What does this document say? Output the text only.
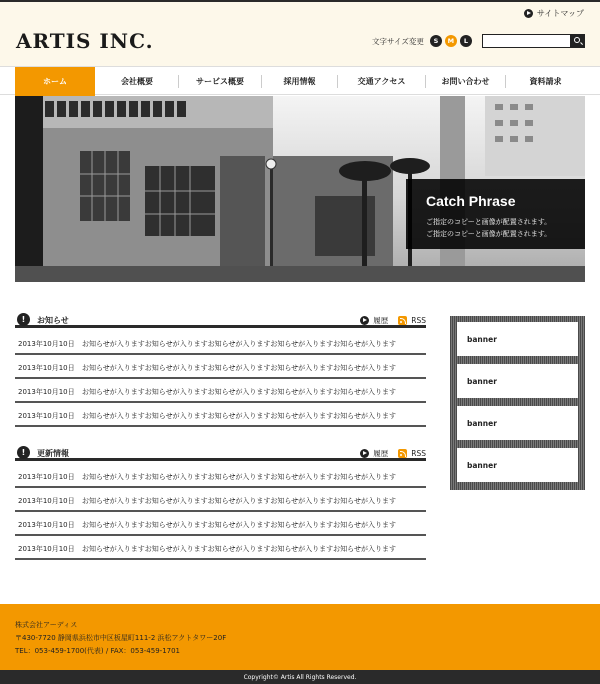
サイトマップ
ARTIS INC.	文字サイズ変更	S	M	L
ホーム	会社概要	サービス概要	採用情報	交通アクセス	お問い合わせ	資料請求
Catch Phrase
ご指定のコピーと画像が配置されます。
ご指定のコピーと画像が配置されます。
!	お知らせ	履歴	RSS
2013年10月10日 お知らせが入りますお知らせが入りますお知らせが入りますお知らせが入りますお知らせが入ります
2013年10月10日 お知らせが入りますお知らせが入りますお知らせが入りますお知らせが入りますお知らせが入ります
2013年10月10日 お知らせが入りますお知らせが入りますお知らせが入りますお知らせが入りますお知らせが入ります
2013年10月10日 お知らせが入りますお知らせが入りますお知らせが入りますお知らせが入りますお知らせが入ります
!	更新情報	履歴	RSS
2013年10月10日 お知らせが入りますお知らせが入りますお知らせが入りますお知らせが入りますお知らせが入ります
2013年10月10日 お知らせが入りますお知らせが入りますお知らせが入りますお知らせが入りますお知らせが入ります
2013年10月10日 お知らせが入りますお知らせが入りますお知らせが入りますお知らせが入りますお知らせが入ります
2013年10月10日 お知らせが入りますお知らせが入りますお知らせが入りますお知らせが入りますお知らせが入ります
banner
banner
banner
banner
株式会社アーディス
〒430-7720 静岡県浜松市中区板屋町111-2 浜松アクトタワー20F
TEL：053-459-1700(代表) / FAX：053-459-1701
Copyright© Artis All Rights Reserved.
